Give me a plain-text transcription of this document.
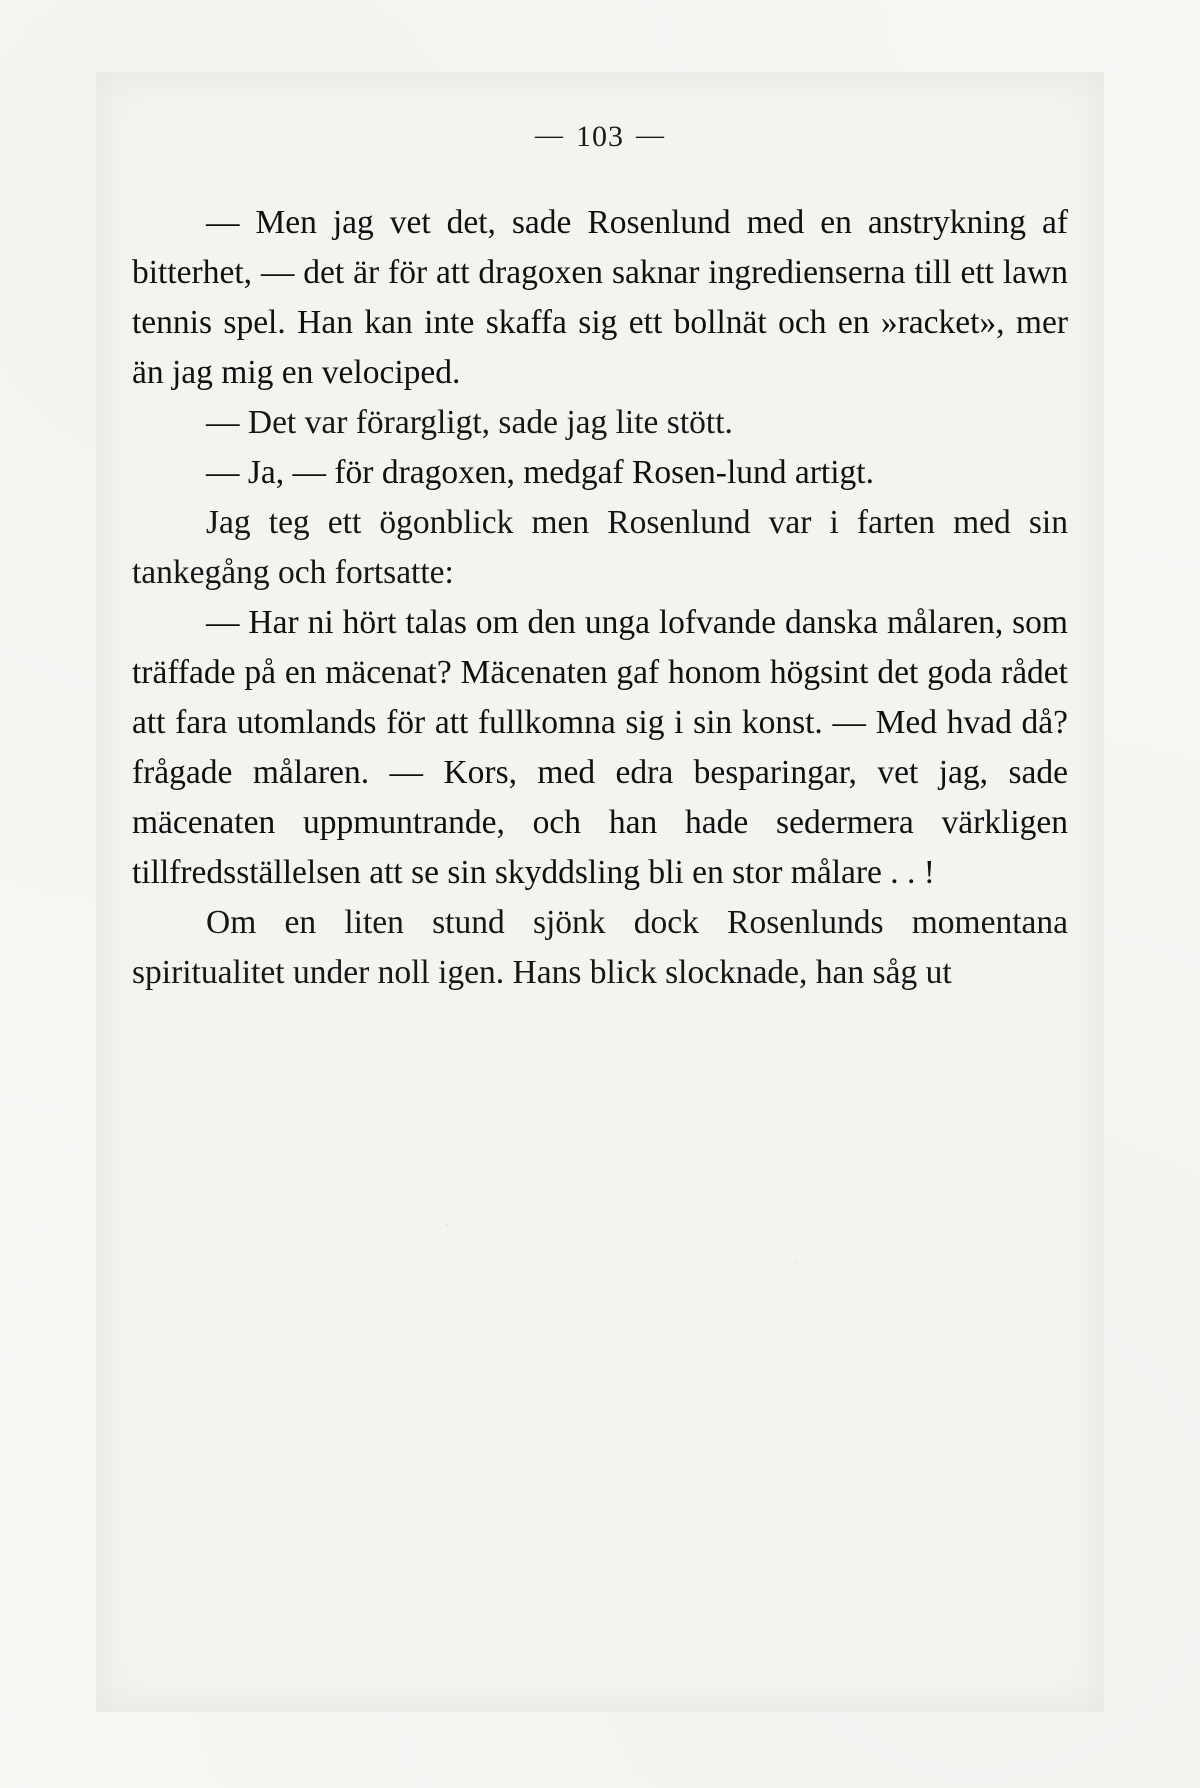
— 103 —

— Men jag vet det, sade Rosenlund med en anstrykning af bitterhet, — det är för att dragoxen saknar ingredienserna till ett lawn tennis spel. Han kan inte skaffa sig ett bollnät och en »racket», mer än jag mig en velociped.

— Det var förargligt, sade jag lite stött.

— Ja, — för dragoxen, medgaf Rosen-lund artigt.

Jag teg ett ögonblick men Rosenlund var i farten med sin tankegång och fortsatte:

— Har ni hört talas om den unga lofvande danska målaren, som träffade på en mäcenat? Mäcenaten gaf honom högsint det goda rådet att fara utomlands för att fullkomna sig i sin konst. — Med hvad då? frågade målaren. — Kors, med edra besparingar, vet jag, sade mäcenaten uppmuntrande, och han hade sedermera värkligen tillfredsställelsen att se sin skyddsling bli en stor målare . . !

Om en liten stund sjönk dock Rosenlunds momentana spiritualitet under noll igen. Hans blick slocknade, han såg ut
